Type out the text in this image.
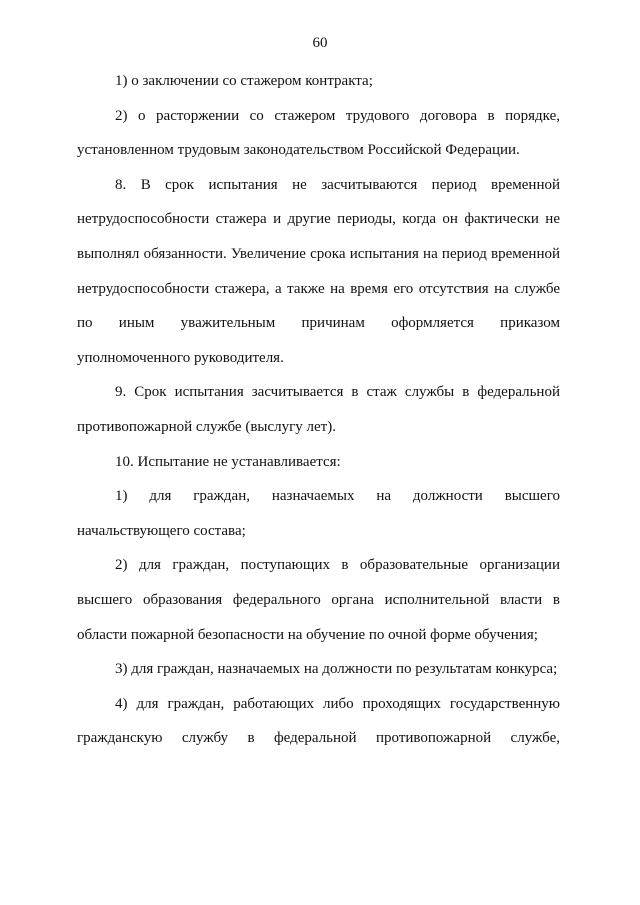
60

1) о заключении со стажером контракта;

2) о расторжении со стажером трудового договора в порядке, установленном трудовым законодательством Российской Федерации.

8. В срок испытания не засчитываются период временной нетрудоспособности стажера и другие периоды, когда он фактически не выполнял обязанности. Увеличение срока испытания на период временной нетрудоспособности стажера, а также на время его отсутствия на службе по иным уважительным причинам оформляется приказом уполномоченного руководителя.

9. Срок испытания засчитывается в стаж службы в федеральной противопожарной службе (выслугу лет).

10. Испытание не устанавливается:

1) для граждан, назначаемых на должности высшего начальствующего состава;

2) для граждан, поступающих в образовательные организации высшего образования федерального органа исполнительной власти в области пожарной безопасности на обучение по очной форме обучения;

3) для граждан, назначаемых на должности по результатам конкурса;

4) для граждан, работающих либо проходящих государственную гражданскую службу в федеральной противопожарной службе,
